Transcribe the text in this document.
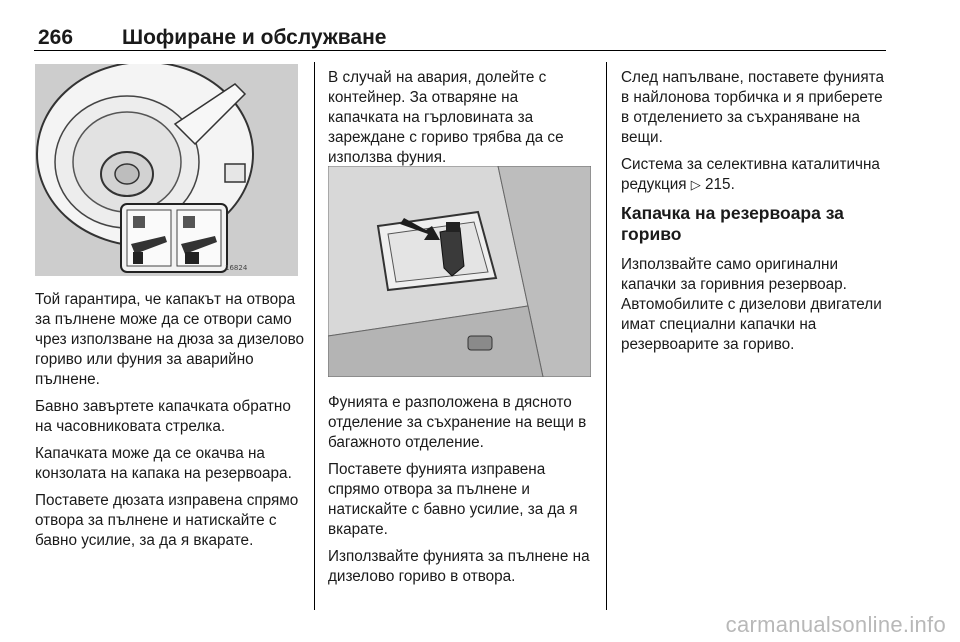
266 Шофиране и обслужване
16824

Той гарантира, че капакът на отвора за пълнене може да се отвори само чрез използване на дюза за дизелово гориво или фуния за аварийно пълнене.

Бавно завъртете капачката обратно на часовниковата стрелка.

Капачката може да се окачва на конзолата на капака на резервоара.

Поставете дюзата изправена спрямо отвора за пълнене и натискайте с бавно усилие, за да я вкарате.

В случай на авария, долейте с контейнер. За отваряне на капачката на гърловината за зареждане с гориво трябва да се използва фуния.

Фунията е разположена в дясното отделение за съхранение на вещи в багажното отделение.

Поставете фунията изправена спрямо отвора за пълнене и натискайте с бавно усилие, за да я вкарате.

Използвайте фунията за пълнене на дизелово гориво в отвора.

След напълване, поставете фунията в найлонова торбичка и я приберете в отделението за съхраняване на вещи.

Система за селективна каталитична редукция ▷ 215.

Капачка на резервоара за гориво

Използвайте само оригинални капачки за горивния резервоар. Автомобилите с дизелови двигатели имат специални капачки на резервоарите за гориво.

carmanualsonline.info
